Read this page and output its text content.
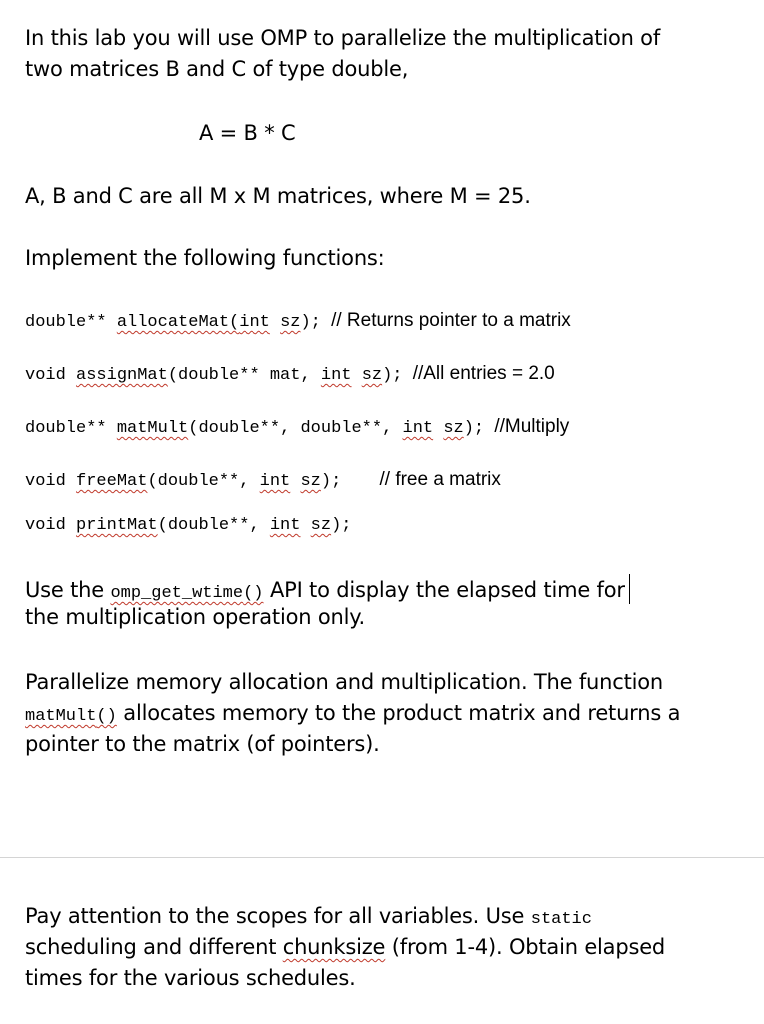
In this lab you will use OMP to parallelize the multiplication of
two matrices B and C of type double,
A = B * C
A, B and C are all M x M matrices, where M = 25.
Implement the following functions:
double** allocateMat(int sz); // Returns pointer to a matrix
void assignMat(double** mat, int sz); //All entries = 2.0
double** matMult(double**, double**, int sz); //Multiply
void freeMat(double**, int sz); // free a matrix
void printMat(double**, int sz);
Use the omp_get_wtime() API to display the elapsed time for
the multiplication operation only.
Parallelize memory allocation and multiplication. The function
matMult() allocates memory to the product matrix and returns a
pointer to the matrix (of pointers).
Pay attention to the scopes for all variables. Use static
scheduling and different chunksize (from 1-4). Obtain elapsed
times for the various schedules.
